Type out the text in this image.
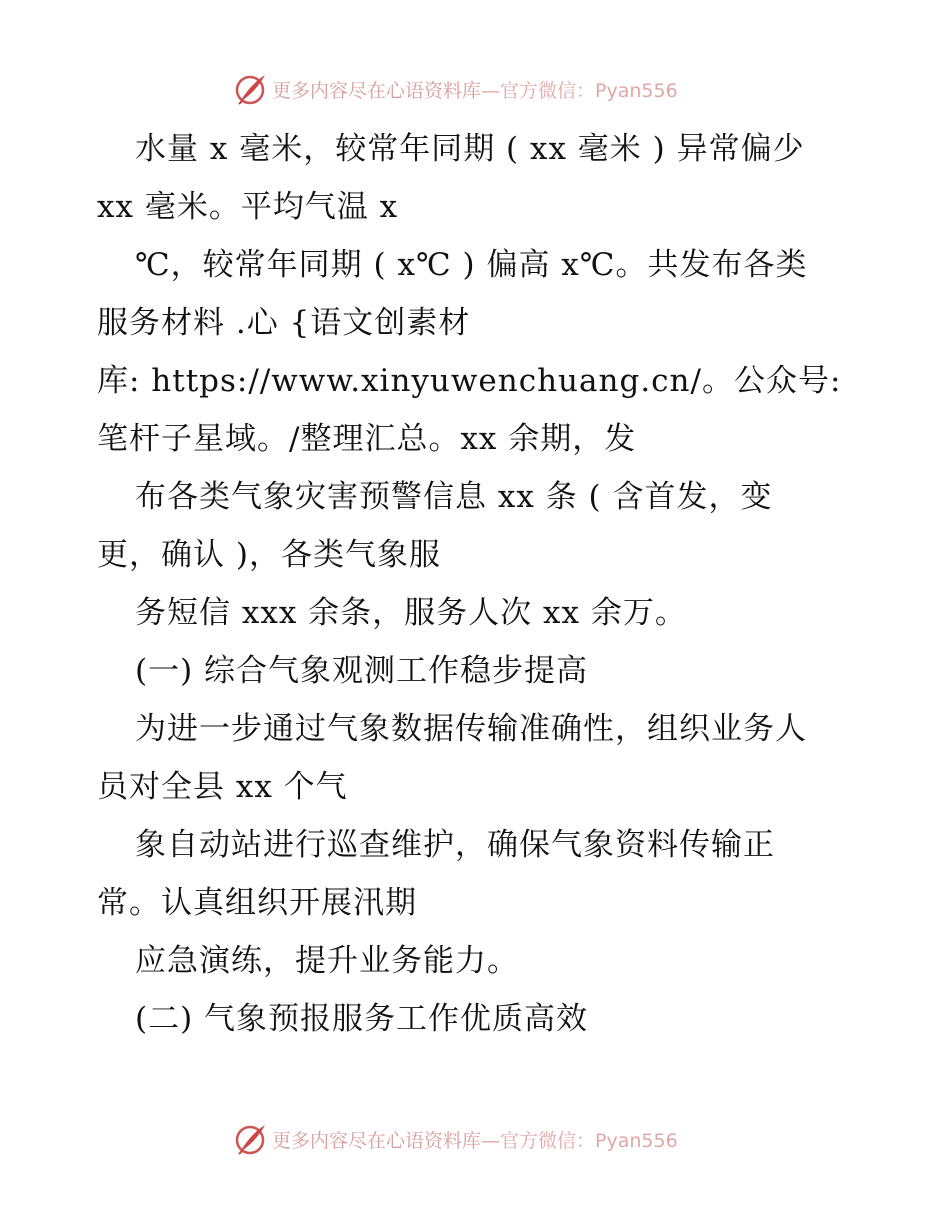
更多内容尽在心语资料库 —官方微信：Pyan556
水量 x 毫米，较常年同期 ( xx 毫米 ) 异常偏少
xx 毫米。平均气温 x
℃，较常年同期 ( x℃ ) 偏高 x℃。共发布各类
服务材料 .心 {语文创素材
库: https://www.xinyuwenchuang.cn/。公众号:
笔杆子星域。/整理汇总。xx 余期，发
布各类气象灾害预警信息 xx 条 ( 含首发，变
更，确认 )，各类气象服
务短信 xxx 余条，服务人次 xx 余万。
(一) 综合气象观测工作稳步提高
为进一步通过气象数据传输准确性，组织业务人
员对全县 xx 个气
象自动站进行巡查维护，确保气象资料传输正
常。认真组织开展汛期
应急演练，提升业务能力。
(二) 气象预报服务工作优质高效
更多内容尽在心语资料库 —官方微信：Pyan556
